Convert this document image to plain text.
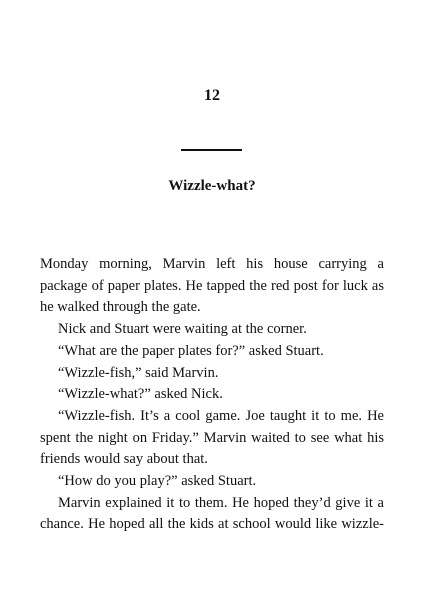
12
Wizzle-what?

Monday morning, Marvin left his house carrying a package of paper plates. He tapped the red post for luck as he walked through the gate.

Nick and Stuart were waiting at the corner.

“What are the paper plates for?” asked Stuart.

“Wizzle-fish,” said Marvin.

“Wizzle-what?” asked Nick.

“Wizzle-fish. It’s a cool game. Joe taught it to me. He spent the night on Friday.” Marvin waited to see what his friends would say about that.

“How do you play?” asked Stuart.

Marvin explained it to them. He hoped they’d give it a chance. He hoped all the kids at school would like wizzle-
